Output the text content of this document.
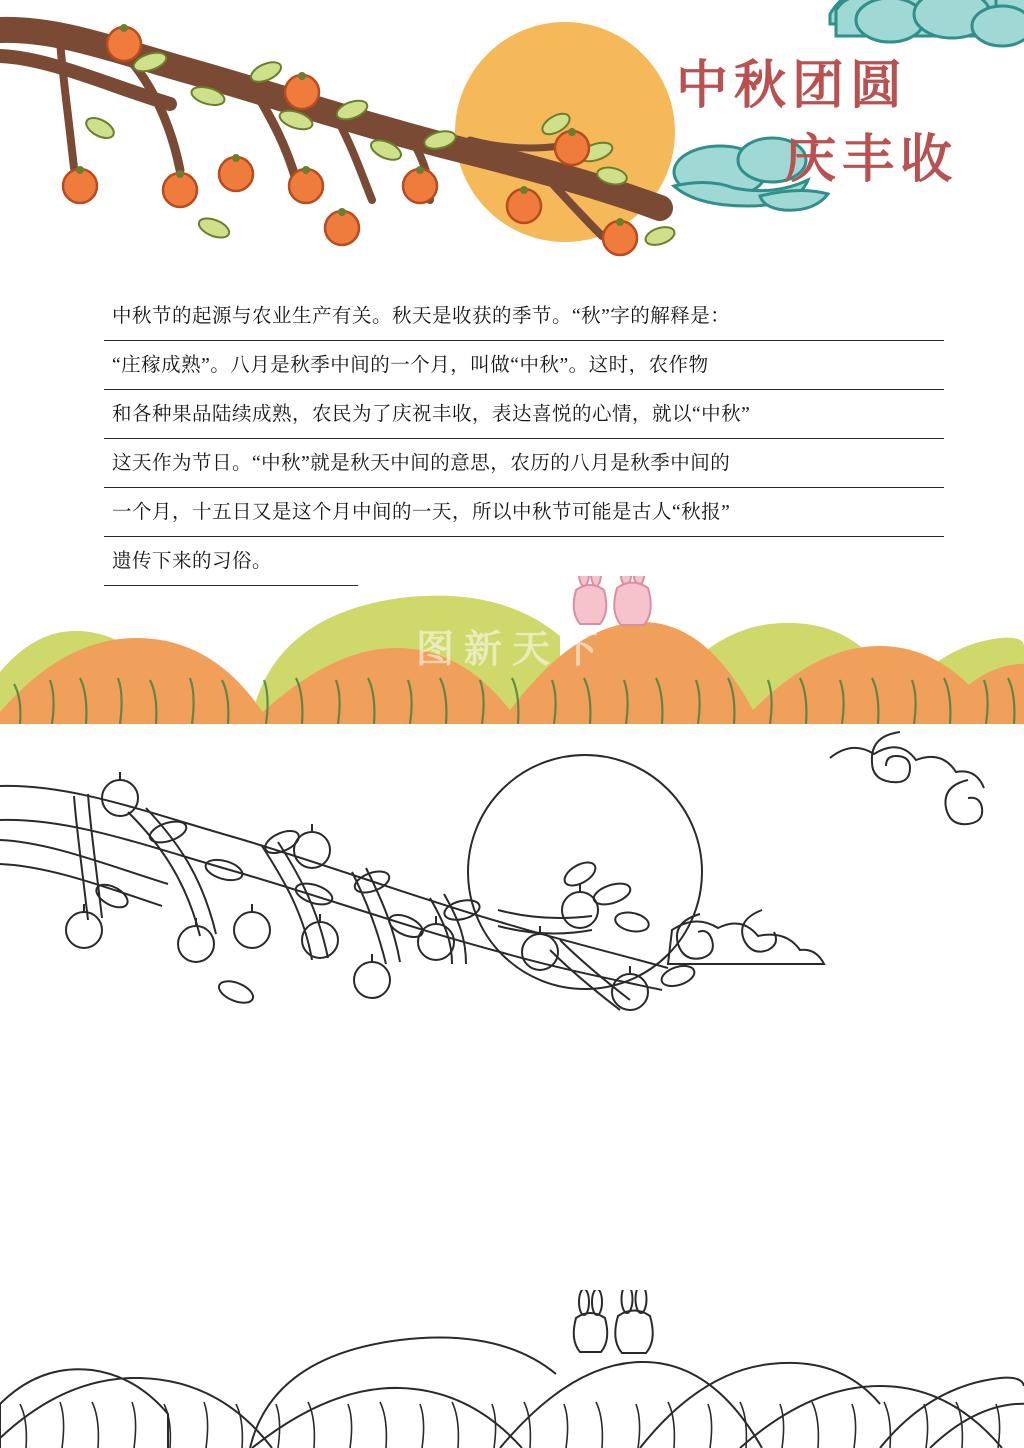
中秋团圆
庆丰收
中秋节的起源与农业生产有关。秋天是收获的季节。“秋”字的解释是：
“庄稼成熟”。八月是秋季中间的一个月，叫做“中秋”。这时，农作物
和各种果品陆续成熟，农民为了庆祝丰收，表达喜悦的心情，就以“中秋”
这天作为节日。“中秋”就是秋天中间的意思，农历的八月是秋季中间的
一个月，十五日又是这个月中间的一天，所以中秋节可能是古人“秋报”
遗传下来的习俗。
图新天下
